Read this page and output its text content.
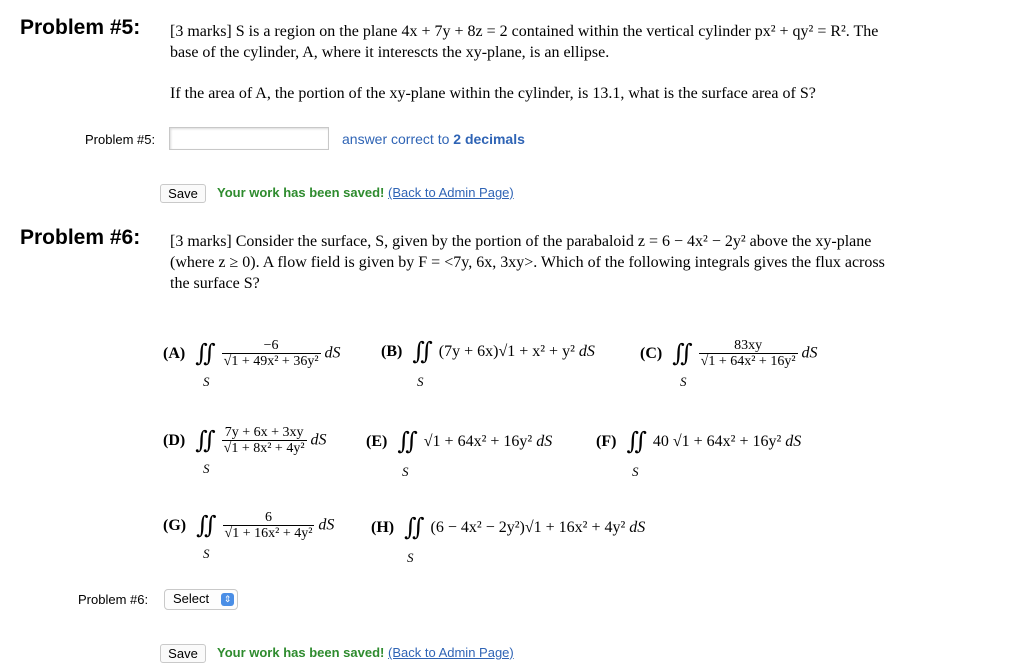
Problem #5: [3 marks] S is a region on the plane 4x + 7y + 8z = 2 contained within the vertical cylinder px² + qy² = R². The
base of the cylinder, A, where it interescts the xy-plane, is an ellipse.
If the area of A, the portion of the xy-plane within the cylinder, is 13.1, what is the surface area of S?
Problem #5:	answer correct to 2 decimals
Save	Your work has been saved! (Back to Admin Page)
Problem #6: [3 marks] Consider the surface, S, given by the portion of the parabaloid z = 6 − 4x² − 2y² above the xy-plane
(where z ≥ 0). A flow field is given by F = <7y, 6x, 3xy>. Which of the following integrals gives the flux across
the surface S?
(A) ∬ $\frac{-6}{\text{√1 + 49x² + 36y²}}$ dS
S
(B) ∬ (7y + 6x)√1 + x² + y² dS
S
(C) ∬ $\frac{83xy}{\text{√1 + 64x² + 16y²}}$ dS
S
(D) ∬ $\frac{7y + 6x + 3xy}{\text{√1 + 8x² + 4y²}}$ dS
S
(E) ∬ √1 + 64x² + 16y² dS
S
(F) ∬ 40 √1 + 64x² + 16y² dS
S
(G) ∬ $\frac{6}{\text{√1 + 16x² + 4y²}}$ dS
S
(H) ∬ (6 − 4x² − 2y²)√1 + 16x² + 4y² dS
S
Problem #6:	Select	⇕
Save	Your work has been saved! (Back to Admin Page)
